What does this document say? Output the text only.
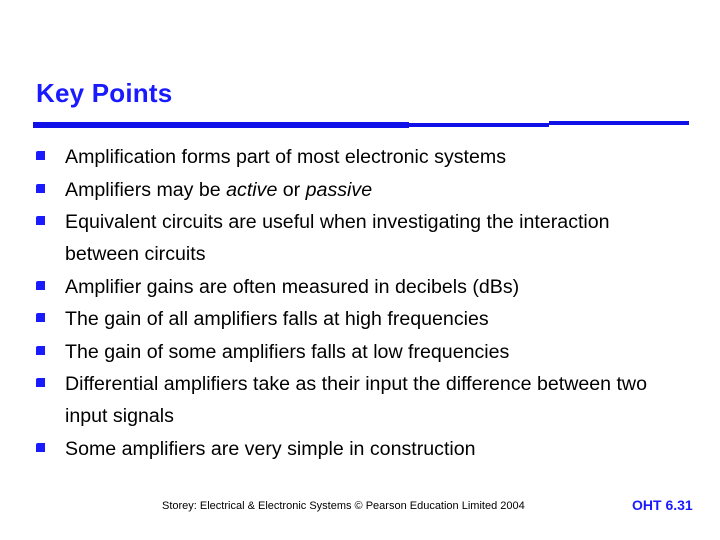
Key Points
Amplification forms part of most electronic systems
Amplifiers may be active or passive
Equivalent circuits are useful when investigating the interaction between circuits
Amplifier gains are often measured in decibels (dBs)
The gain of all amplifiers falls at high frequencies
The gain of some amplifiers falls at low frequencies
Differential amplifiers take as their input the difference between two input signals
Some amplifiers are very simple in construction
Storey: Electrical & Electronic Systems © Pearson Education Limited 2004	OHT 6.31
